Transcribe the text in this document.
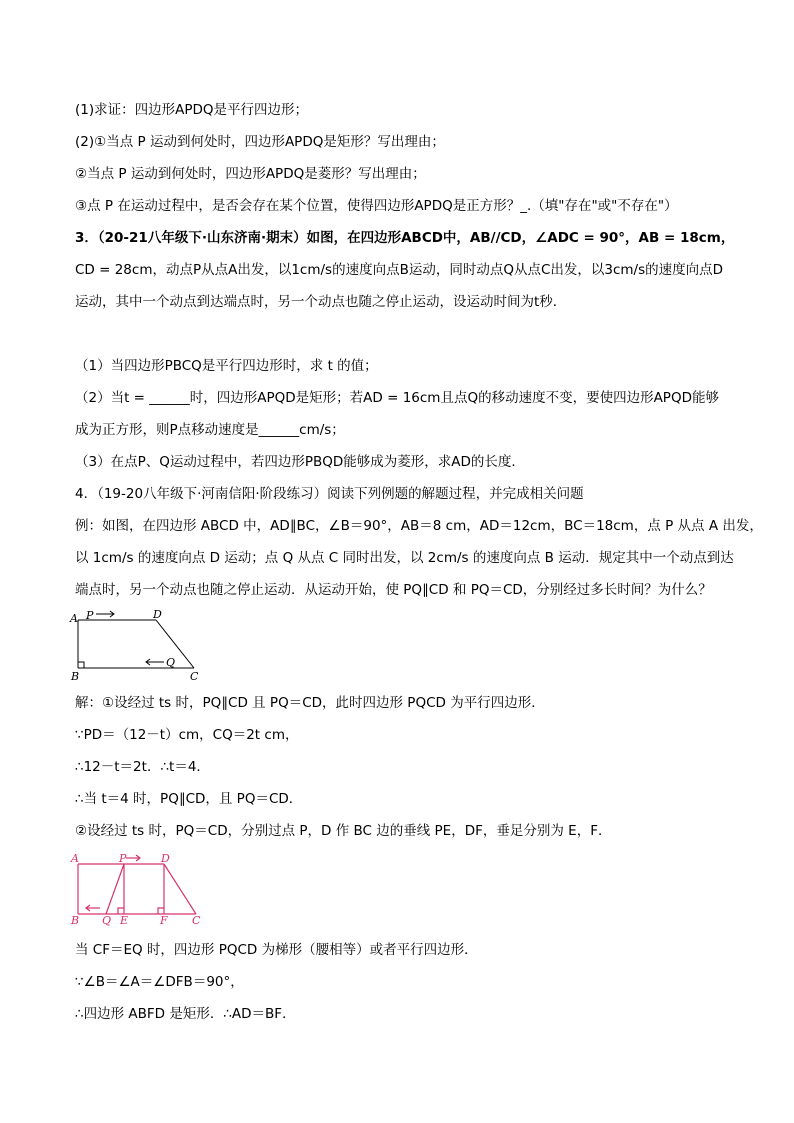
(1)求证：四边形APDQ是平行四边形；
(2)①当点 P 运动到何处时，四边形APDQ是矩形？写出理由；
②当点 P 运动到何处时，四边形APDQ是菱形？写出理由；
③点 P 在运动过程中，是否会存在某个位置，使得四边形APDQ是正方形？_.（填"存在"或"不存在"）
3．（20-21八年级下·山东济南·期末）如图，在四边形ABCD中，AB//CD，∠ADC = 90°，AB = 18cm，
CD = 28cm，动点P从点A出发，以1cm/s的速度向点B运动，同时动点Q从点C出发，以3cm/s的速度向点D
运动，其中一个动点到达端点时，另一个动点也随之停止运动，设运动时间为t秒．
（1）当四边形PBCQ是平行四边形时，求 t 的值；
（2）当t = ______时，四边形APQD是矩形；若AD = 16cm且点Q的移动速度不变，要使四边形APQD能够
成为正方形，则P点移动速度是______cm/s；
（3）在点P、Q运动过程中，若四边形PBQD能够成为菱形，求AD的长度．
4．（19-20八年级下·河南信阳·阶段练习）阅读下列例题的解题过程，并完成相关问题
例：如图，在四边形 ABCD 中，AD∥BC，∠B＝90°，AB＝8 cm，AD＝12cm，BC＝18cm，点 P 从点 A 出发，
以 1cm/s 的速度向点 D 运动；点 Q 从点 C 同时出发，以 2cm/s 的速度向点 B 运动．规定其中一个动点到达
端点时，另一个动点也随之停止运动．从运动开始，使 PQ∥CD 和 PQ＝CD，分别经过多长时间？为什么？
A P	D
B
Q
C
解：①设经过 ts 时，PQ∥CD 且 PQ＝CD，此时四边形 PQCD 为平行四边形．
∵PD＝（12－t）cm，CQ＝2t cm，
∴12－t＝2t．∴t＝4．
∴当 t＝4 时，PQ∥CD，且 PQ＝CD．
②设经过 ts 时，PQ＝CD，分别过点 P，D 作 BC 边的垂线 PE，DF，垂足分别为 E，F．
A	P	D
B Q E	F C
当 CF＝EQ 时，四边形 PQCD 为梯形（腰相等）或者平行四边形．
∵∠B＝∠A＝∠DFB＝90°，
∴四边形 ABFD 是矩形．∴AD＝BF．
